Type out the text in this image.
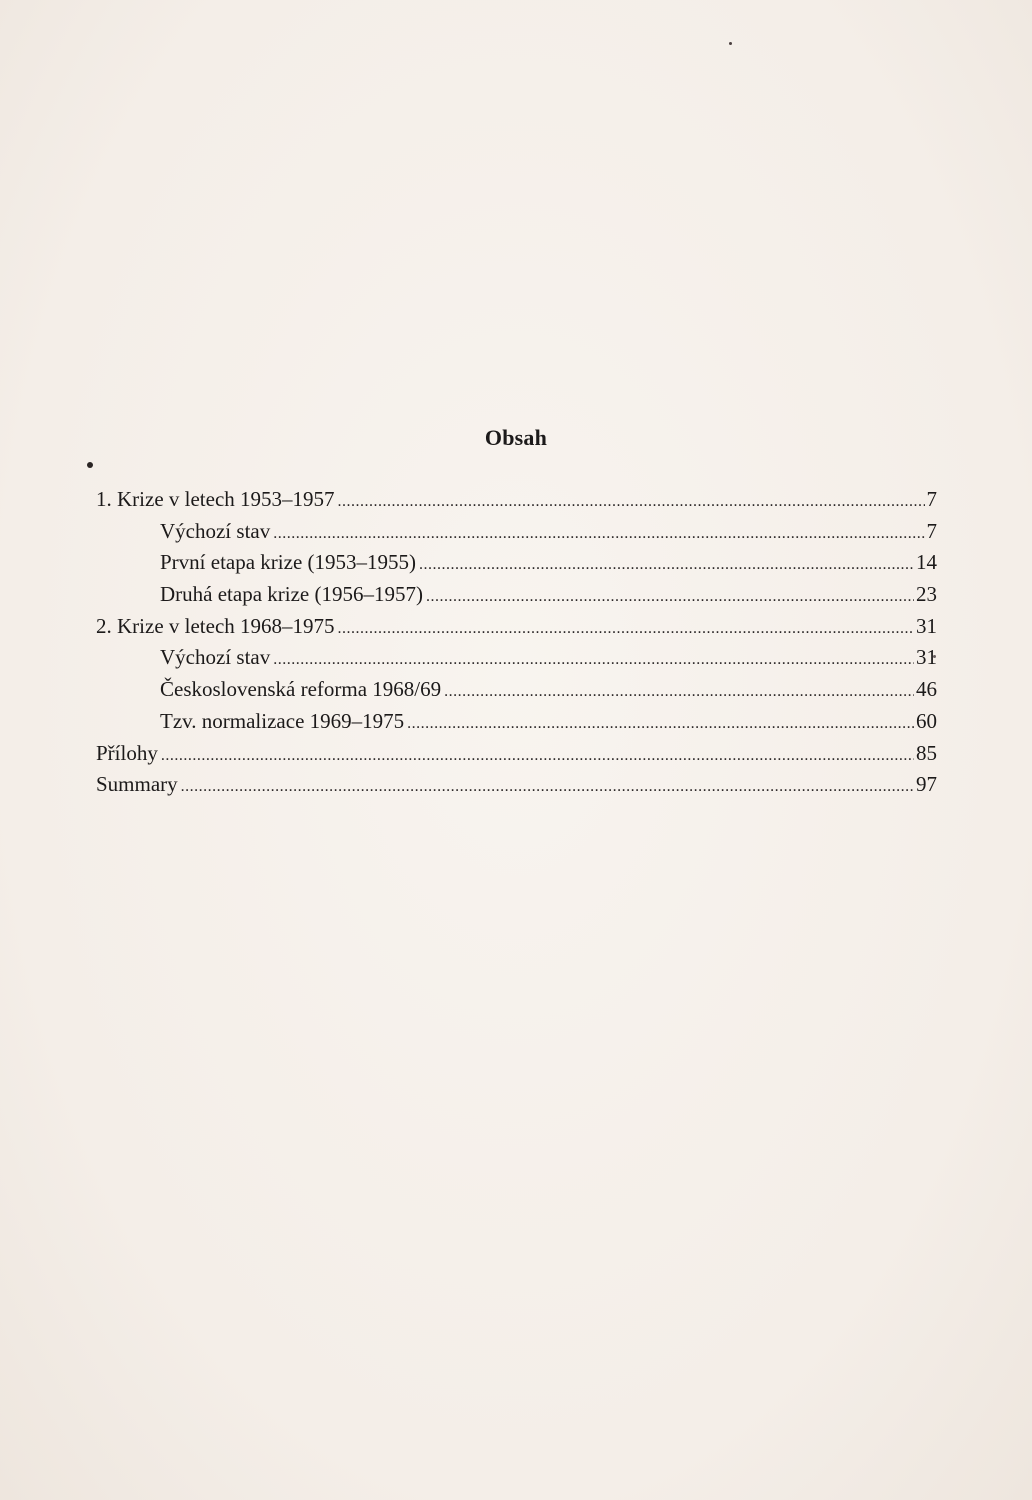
Obsah
1. Krize v letech 1953–1957 .....	7
Výchozí stav .....	7
První etapa krize (1953–1955) .....	14
Druhá etapa krize (1956–1957) .....	23
2. Krize v letech 1968–1975 .....	31
Výchozí stav .....	31
Československá reforma 1968/69 .....	46
Tzv. normalizace 1969–1975 .....	60
Přílohy .....	85
Summary .....	97
